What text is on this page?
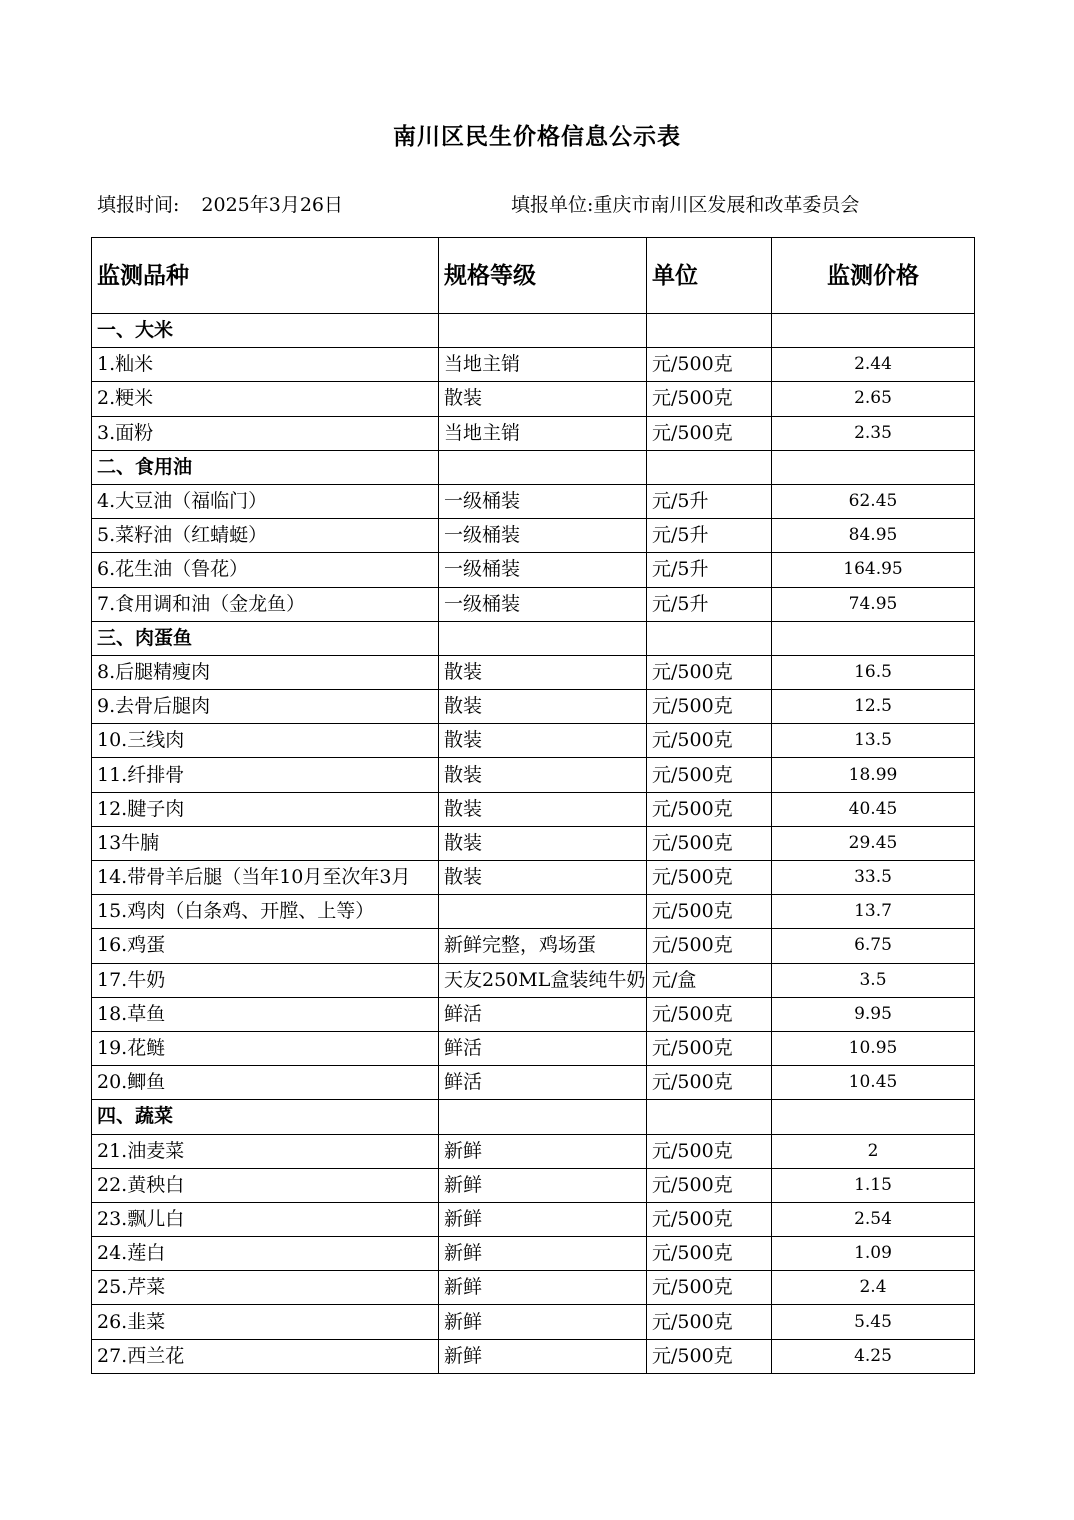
南川区民生价格信息公示表
填报时间: 2025年3月26日	填报单位:重庆市南川区发展和改革委员会
监测品种	规格等级	单位	监测价格
一、大米			
1.籼米	当地主销	元/500克	2.44
2.粳米	散装	元/500克	2.65
3.面粉	当地主销	元/500克	2.35
二、食用油			
4.大豆油（福临门）	一级桶装	元/5升	62.45
5.菜籽油（红蜻蜓）	一级桶装	元/5升	84.95
6.花生油（鲁花）	一级桶装	元/5升	164.95
7.食用调和油（金龙鱼）	一级桶装	元/5升	74.95
三、肉蛋鱼			
8.后腿精瘦肉	散装	元/500克	16.5
9.去骨后腿肉	散装	元/500克	12.5
10.三线肉	散装	元/500克	13.5
11.纤排骨	散装	元/500克	18.99
12.腱子肉	散装	元/500克	40.45
13牛腩	散装	元/500克	29.45
14.带骨羊后腿（当年10月至次年3月	散装	元/500克	33.5
15.鸡肉（白条鸡、开膛、上等）		元/500克	13.7
16.鸡蛋	新鲜完整，鸡场蛋	元/500克	6.75
17.牛奶	天友250ML盒装纯牛奶	元/盒	3.5
18.草鱼	鲜活	元/500克	9.95
19.花鲢	鲜活	元/500克	10.95
20.鲫鱼	鲜活	元/500克	10.45
四、蔬菜			
21.油麦菜	新鲜	元/500克	2
22.黄秧白	新鲜	元/500克	1.15
23.飘儿白	新鲜	元/500克	2.54
24.莲白	新鲜	元/500克	1.09
25.芹菜	新鲜	元/500克	2.4
26.韭菜	新鲜	元/500克	5.45
27.西兰花	新鲜	元/500克	4.25
